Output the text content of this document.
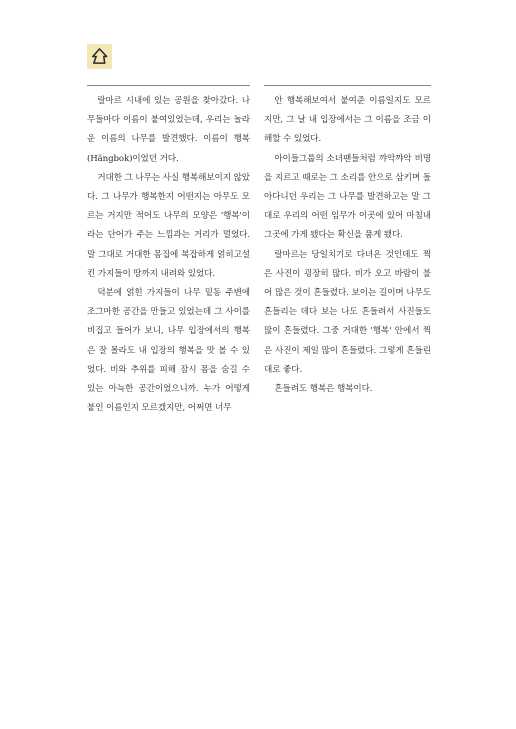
랄마르 시내에 있는 공원을 찾아갔다. 나무들마다 이름이 붙여있었는데, 우리는 놀라운 이름의 나무를 발견했다. 이름이 행복(Hängbok)이었던 거다.

거대한 그 나무는 사실 행복해보이지 않았다. 그 나무가 행복한지 어떤지는 아무도 모르는 거지만 적어도 나무의 모양은 '행복'이라는 단어가 주는 느낌과는 거리가 멀었다. 말 그대로 거대한 몸집에 복잡하게 얽히고설킨 가지들이 땅까지 내려와 있었다.

덕분에 얽힌 가지들이 나무 밑동 주변에 조그마한 공간을 만들고 있었는데 그 사이를 비집고 들어가 보니, 나무 입장에서의 행복은 잘 몰라도 내 입장의 행복을 맛 볼 수 있었다. 비와 추위를 피해 잠시 몸을 숨길 수 있는 아늑한 공간이었으니까. 누가 어떻게 붙인 이름인지 모르겠지만, 어쩌면 너무

안 행복해보여서 붙여준 이름일지도 모르지만, 그 날 내 입장에서는 그 이름을 조금 이해할 수 있었다.

아이들그룹의 소녀팬들처럼 꺄악꺄악 비명을 지르고 때로는 그 소리를 안으로 삼키며 돌아다니던 우리는 그 나무를 발견하고는 말 그대로 우리의 어떤 임무가 이곳에 있어 마침내 그곳에 가게 됐다는 확신을 품게 됐다.

랄마르는 당일치기로 다녀온 것인데도 찍은 사진이 굉장히 많다. 비가 오고 바람이 불어 많은 것이 흔들렸다. 보이는 길이며 나무도 흔들리는 데다 보는 나도 흔들려서 사진들도 많이 흔들렸다. 그중 거대한 '행복' 안에서 찍은 사진이 제일 많이 흔들렸다. 그렇게 흔들린 대로 좋다.

흔들려도 행복은 행복이다.
